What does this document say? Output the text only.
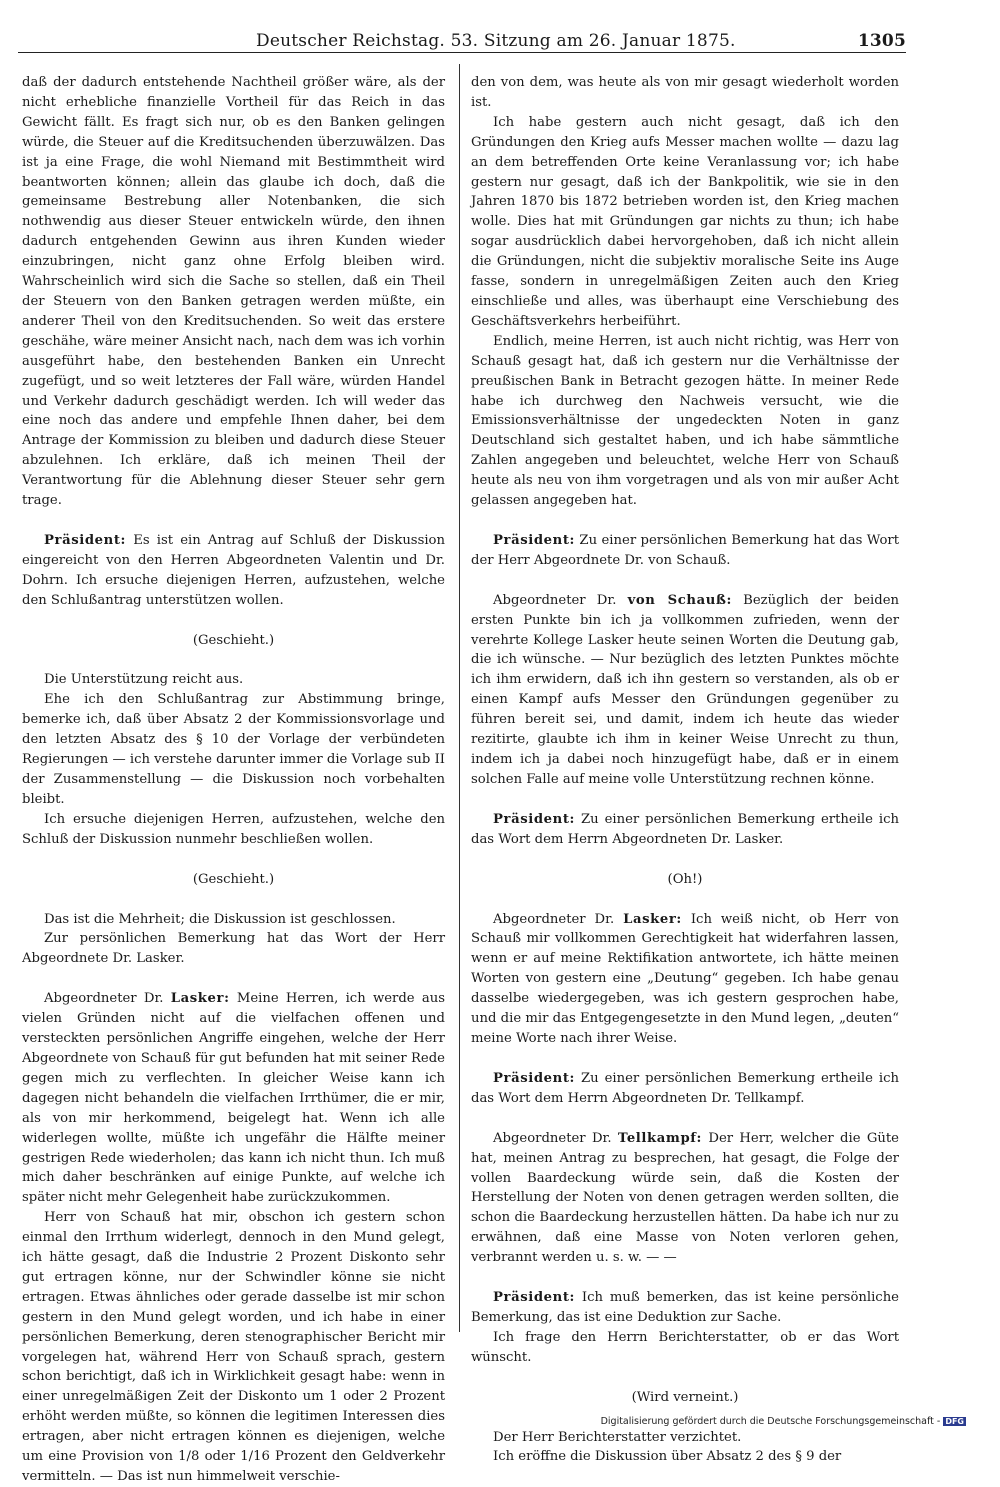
Deutscher Reichstag. 53. Sitzung am 26. Januar 1875.	1305

daß der dadurch entstehende Nachtheil größer wäre, als der nicht erhebliche finanzielle Vortheil für das Reich in das Gewicht fällt. Es fragt sich nur, ob es den Banken gelingen würde, die Steuer auf die Kreditsuchenden überzuwälzen. Das ist ja eine Frage, die wohl Niemand mit Bestimmtheit wird beantworten können; allein das glaube ich doch, daß die gemeinsame Bestrebung aller Notenbanken, die sich nothwendig aus dieser Steuer entwickeln würde, den ihnen dadurch entgehenden Gewinn aus ihren Kunden wieder einzubringen, nicht ganz ohne Erfolg bleiben wird. Wahrscheinlich wird sich die Sache so stellen, daß ein Theil der Steuern von den Banken getragen werden müßte, ein anderer Theil von den Kreditsuchenden. So weit das erstere geschähe, wäre meiner Ansicht nach, nach dem was ich vorhin ausgeführt habe, den bestehenden Banken ein Unrecht zugefügt, und so weit letzteres der Fall wäre, würden Handel und Verkehr dadurch geschädigt werden. Ich will weder das eine noch das andere und empfehle Ihnen daher, bei dem Antrage der Kommission zu bleiben und dadurch diese Steuer abzulehnen. Ich erkläre, daß ich meinen Theil der Verantwortung für die Ablehnung dieser Steuer sehr gern trage.

Präsident: Es ist ein Antrag auf Schluß der Diskussion eingereicht von den Herren Abgeordneten Valentin und Dr. Dohrn. Ich ersuche diejenigen Herren, aufzustehen, welche den Schlußantrag unterstützen wollen.

(Geschieht.)

Die Unterstützung reicht aus.

Ehe ich den Schlußantrag zur Abstimmung bringe, bemerke ich, daß über Absatz 2 der Kommissionsvorlage und den letzten Absatz des § 10 der Vorlage der verbündeten Regierungen — ich verstehe darunter immer die Vorlage sub II der Zusammenstellung — die Diskussion noch vorbehalten bleibt.

Ich ersuche diejenigen Herren, aufzustehen, welche den Schluß der Diskussion nunmehr beschließen wollen.

(Geschieht.)

Das ist die Mehrheit; die Diskussion ist geschlossen.

Zur persönlichen Bemerkung hat das Wort der Herr Abgeordnete Dr. Lasker.

Abgeordneter Dr. Lasker: Meine Herren, ich werde aus vielen Gründen nicht auf die vielfachen offenen und versteckten persönlichen Angriffe eingehen, welche der Herr Abgeordnete von Schauß für gut befunden hat mit seiner Rede gegen mich zu verflechten. In gleicher Weise kann ich dagegen nicht behandeln die vielfachen Irrthümer, die er mir, als von mir herkommend, beigelegt hat. Wenn ich alle widerlegen wollte, müßte ich ungefähr die Hälfte meiner gestrigen Rede wiederholen; das kann ich nicht thun. Ich muß mich daher beschränken auf einige Punkte, auf welche ich später nicht mehr Gelegenheit habe zurückzukommen.

Herr von Schauß hat mir, obschon ich gestern schon einmal den Irrthum widerlegt, dennoch in den Mund gelegt, ich hätte gesagt, daß die Industrie 2 Prozent Diskonto sehr gut ertragen könne, nur der Schwindler könne sie nicht ertragen. Etwas ähnliches oder gerade dasselbe ist mir schon gestern in den Mund gelegt worden, und ich habe in einer persönlichen Bemerkung, deren stenographischer Bericht mir vorgelegen hat, während Herr von Schauß sprach, gestern schon berichtigt, daß ich in Wirklichkeit gesagt habe: wenn in einer unregelmäßigen Zeit der Diskonto um 1 oder 2 Prozent erhöht werden müßte, so können die legitimen Interessen dies ertragen, aber nicht ertragen können es diejenigen, welche um eine Provision von 1/8 oder 1/16 Prozent den Geldverkehr vermitteln. — Das ist nun himmelweit verschie-

den von dem, was heute als von mir gesagt wiederholt worden ist.

Ich habe gestern auch nicht gesagt, daß ich den Gründungen den Krieg aufs Messer machen wollte — dazu lag an dem betreffenden Orte keine Veranlassung vor; ich habe gestern nur gesagt, daß ich der Bankpolitik, wie sie in den Jahren 1870 bis 1872 betrieben worden ist, den Krieg machen wolle. Dies hat mit Gründungen gar nichts zu thun; ich habe sogar ausdrücklich dabei hervorgehoben, daß ich nicht allein die Gründungen, nicht die subjektiv moralische Seite ins Auge fasse, sondern in unregelmäßigen Zeiten auch den Krieg einschließe und alles, was überhaupt eine Verschiebung des Geschäftsverkehrs herbeiführt.

Endlich, meine Herren, ist auch nicht richtig, was Herr von Schauß gesagt hat, daß ich gestern nur die Verhältnisse der preußischen Bank in Betracht gezogen hätte. In meiner Rede habe ich durchweg den Nachweis versucht, wie die Emissionsverhältnisse der ungedeckten Noten in ganz Deutschland sich gestaltet haben, und ich habe sämmtliche Zahlen angegeben und beleuchtet, welche Herr von Schauß heute als neu von ihm vorgetragen und als von mir außer Acht gelassen angegeben hat.

Präsident: Zu einer persönlichen Bemerkung hat das Wort der Herr Abgeordnete Dr. von Schauß.

Abgeordneter Dr. von Schauß: Bezüglich der beiden ersten Punkte bin ich ja vollkommen zufrieden, wenn der verehrte Kollege Lasker heute seinen Worten die Deutung gab, die ich wünsche. — Nur bezüglich des letzten Punktes möchte ich ihm erwidern, daß ich ihn gestern so verstanden, als ob er einen Kampf aufs Messer den Gründungen gegenüber zu führen bereit sei, und damit, indem ich heute das wieder rezitirte, glaubte ich ihm in keiner Weise Unrecht zu thun, indem ich ja dabei noch hinzugefügt habe, daß er in einem solchen Falle auf meine volle Unterstützung rechnen könne.

Präsident: Zu einer persönlichen Bemerkung ertheile ich das Wort dem Herrn Abgeordneten Dr. Lasker.

(Oh!)

Abgeordneter Dr. Lasker: Ich weiß nicht, ob Herr von Schauß mir vollkommen Gerechtigkeit hat widerfahren lassen, wenn er auf meine Rektifikation antwortete, ich hätte meinen Worten von gestern eine „Deutung“ gegeben. Ich habe genau dasselbe wiedergegeben, was ich gestern gesprochen habe, und die mir das Entgegengesetzte in den Mund legen, „deuten“ meine Worte nach ihrer Weise.

Präsident: Zu einer persönlichen Bemerkung ertheile ich das Wort dem Herrn Abgeordneten Dr. Tellkampf.

Abgeordneter Dr. Tellkampf: Der Herr, welcher die Güte hat, meinen Antrag zu besprechen, hat gesagt, die Folge der vollen Baardeckung würde sein, daß die Kosten der Herstellung der Noten von denen getragen werden sollten, die schon die Baardeckung herzustellen hätten. Da habe ich nur zu erwähnen, daß eine Masse von Noten verloren gehen, verbrannt werden u. s. w. — —

Präsident: Ich muß bemerken, das ist keine persönliche Bemerkung, das ist eine Deduktion zur Sache.

Ich frage den Herrn Berichterstatter, ob er das Wort wünscht.

(Wird verneint.)

Der Herr Berichterstatter verzichtet.

Ich eröffne die Diskussion über Absatz 2 des § 9 der

Digitalisierung gefördert durch die Deutsche Forschungsgemeinschaft - DFG
